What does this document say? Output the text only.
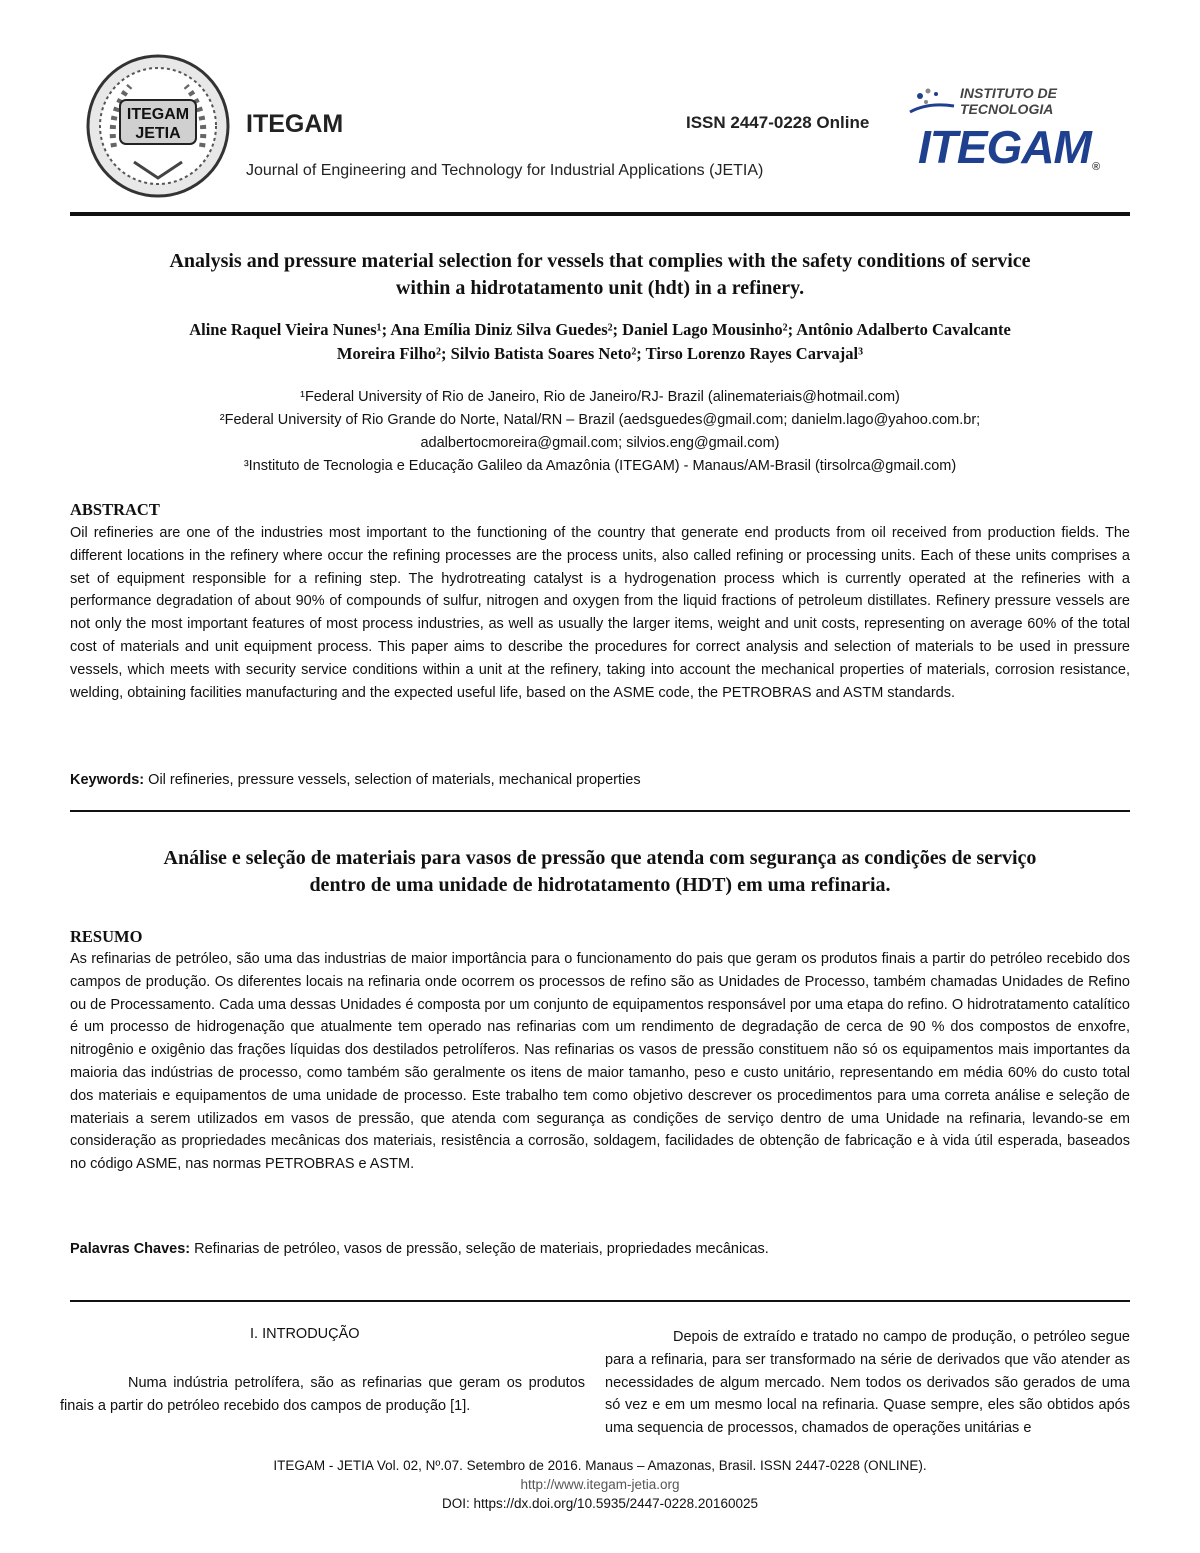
ITEGAM
JETIA	ITEGAM	ISSN 2447-0228 Online
Journal of Engineering and Technology for Industrial Applications (JETIA)
INSTITUTO DE
TECNOLOGIA
ITEGAM ®
Analysis and pressure material selection for vessels that complies with the safety conditions of service
within a hidrotatamento unit (hdt) in a refinery.
Aline Raquel Vieira Nunes¹; Ana Emília Diniz Silva Guedes²; Daniel Lago Mousinho²; Antônio Adalberto Cavalcante
Moreira Filho²; Silvio Batista Soares Neto²; Tirso Lorenzo Rayes Carvajal³

¹Federal University of Rio de Janeiro, Rio de Janeiro/RJ- Brazil (alinemateriais@hotmail.com)

²Federal University of Rio Grande do Norte, Natal/RN – Brazil (aedsguedes@gmail.com; danielm.lago@yahoo.com.br;

adalbertocmoreira@gmail.com; silvios.eng@gmail.com)

³Instituto de Tecnologia e Educação Galileo da Amazônia (ITEGAM) - Manaus/AM-Brasil (tirsolrca@gmail.com)

ABSTRACT

Oil refineries are one of the industries most important to the functioning of the country that generate end products from oil received from production fields. The different locations in the refinery where occur the refining processes are the process units, also called refining or processing units. Each of these units comprises a set of equipment responsible for a refining step. The hydrotreating catalyst is a hydrogenation process which is currently operated at the refineries with a performance degradation of about 90% of compounds of sulfur, nitrogen and oxygen from the liquid fractions of petroleum distillates. Refinery pressure vessels are not only the most important features of most process industries, as well as usually the larger items, weight and unit costs, representing on average 60% of the total cost of materials and unit equipment process. This paper aims to describe the procedures for correct analysis and selection of materials to be used in pressure vessels, which meets with security service conditions within a unit at the refinery, taking into account the mechanical properties of materials, corrosion resistance, welding, obtaining facilities manufacturing and the expected useful life, based on the ASME code, the PETROBRAS and ASTM standards.

Keywords: Oil refineries, pressure vessels, selection of materials, mechanical properties
Análise e seleção de materiais para vasos de pressão que atenda com segurança as condições de serviço
dentro de uma unidade de hidrotatamento (HDT) em uma refinaria.
RESUMO

As refinarias de petróleo, são uma das industrias de maior importância para o funcionamento do pais que geram os produtos finais a partir do petróleo recebido dos campos de produção. Os diferentes locais na refinaria onde ocorrem os processos de refino são as Unidades de Processo, também chamadas Unidades de Refino ou de Processamento. Cada uma dessas Unidades é composta por um conjunto de equipamentos responsável por uma etapa do refino. O hidrotratamento catalítico é um processo de hidrogenação que atualmente tem operado nas refinarias com um rendimento de degradação de cerca de 90 % dos compostos de enxofre, nitrogênio e oxigênio das frações líquidas dos destilados petrolíferos. Nas refinarias os vasos de pressão constituem não só os equipamentos mais importantes da maioria das indústrias de processo, como também são geralmente os itens de maior tamanho, peso e custo unitário, representando em média 60% do custo total dos materiais e equipamentos de uma unidade de processo. Este trabalho tem como objetivo descrever os procedimentos para uma correta análise e seleção de materiais a serem utilizados em vasos de pressão, que atenda com segurança as condições de serviço dentro de uma Unidade na refinaria, levando-se em consideração as propriedades mecânicas dos materiais, resistência a corrosão, soldagem, facilidades de obtenção de fabricação e à vida útil esperada, baseados no código ASME, nas normas PETROBRAS e ASTM.

Palavras Chaves: Refinarias de petróleo, vasos de pressão, seleção de materiais, propriedades mecânicas.
I. INTRODUÇÃO

Numa indústria petrolífera, são as refinarias que geram os produtos finais a partir do petróleo recebido dos campos de produção [1].

Depois de extraído e tratado no campo de produção, o petróleo segue para a refinaria, para ser transformado na série de derivados que vão atender as necessidades de algum mercado. Nem todos os derivados são gerados de uma só vez e em um mesmo local na refinaria. Quase sempre, eles são obtidos após uma sequencia de processos, chamados de operações unitárias e

ITEGAM - JETIA Vol. 02, Nº.07. Setembro de 2016. Manaus – Amazonas, Brasil. ISSN 2447-0228 (ONLINE).

http://www.itegam-jetia.org

DOI: https://dx.doi.org/10.5935/2447-0228.20160025
